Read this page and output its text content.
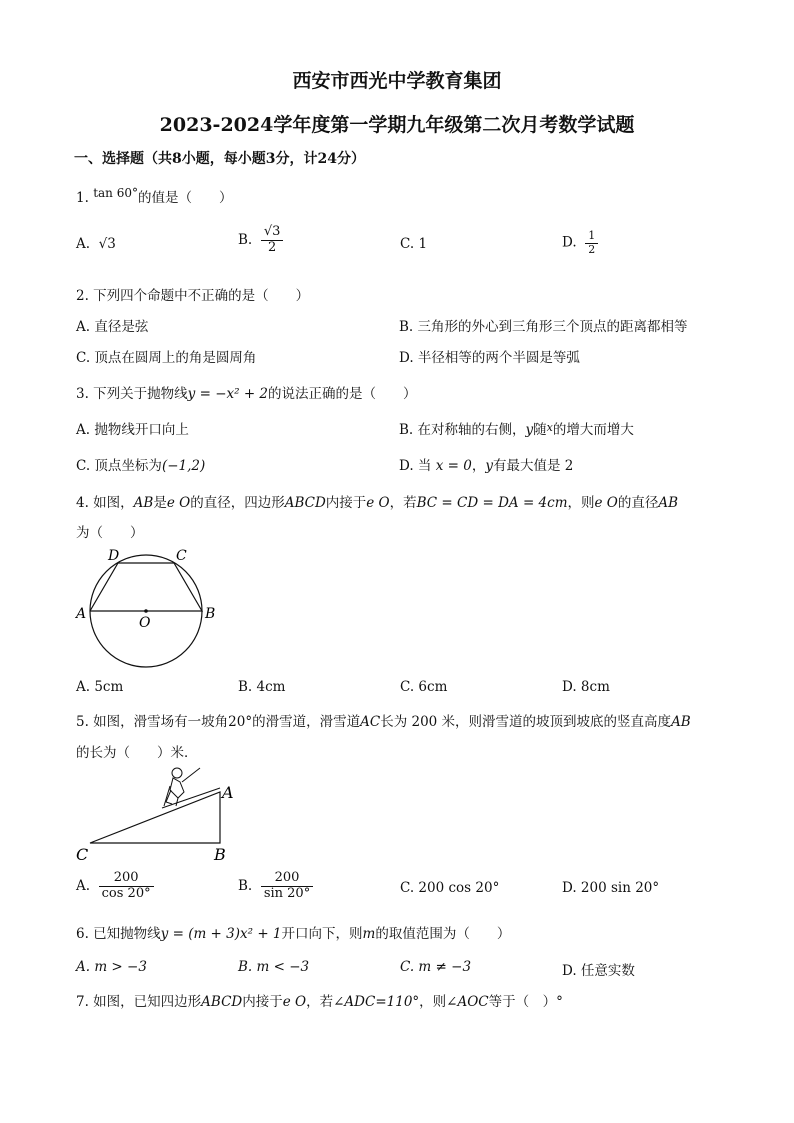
西安市西光中学教育集团
2023-2024学年度第一学期九年级第二次月考数学试题
一、选择题（共8小题，每小题3分，计24分）
1. tan 60°的值是（　　）
A. √3	B. $\frac{√3}{2}$	C. 1	D. $\frac{1}{2}$
2. 下列四个命题中不正确的是（　　）
A. 直径是弦	B. 三角形的外心到三角形三个顶点的距离都相等
C. 顶点在圆周上的角是圆周角	D. 半径相等的两个半圆是等弧
3. 下列关于抛物线y = −x² + 2的说法正确的是（　　）
A. 抛物线开口向上	B. 在对称轴的右侧，y随$^x$的增大而增大
C. 顶点坐标为(−1,2)	D. 当 x = 0，y有最大值是 2
4. 如图，AB是e O的直径，四边形ABCD内接于e O，若BC = CD = DA = 4cm，则e O的直径AB
为（　　）
A	B
C
D
O
A. 5cm	B. 4cm	C. 6cm	D. 8cm
5. 如图，滑雪场有一坡角20°的滑雪道，滑雪道AC长为 200 米，则滑雪道的坡顶到坡底的竖直高度AB
的长为（　　）米．
A
B
C
A. $\frac{200}{\cos 20^\circ}$	B. $\frac{200}{\sin 20^\circ}$	C. 200 cos 20°	D. 200 sin 20°
6. 已知抛物线y = (m + 3)x² + 1开口向下，则m的取值范围为（　　）
A. m > −3	B. m < −3	C. m ≠ −3	D. 任意实数
7. 如图，已知四边形ABCD内接于e O，若∠ADC=110°，则∠AOC等于（　）°
